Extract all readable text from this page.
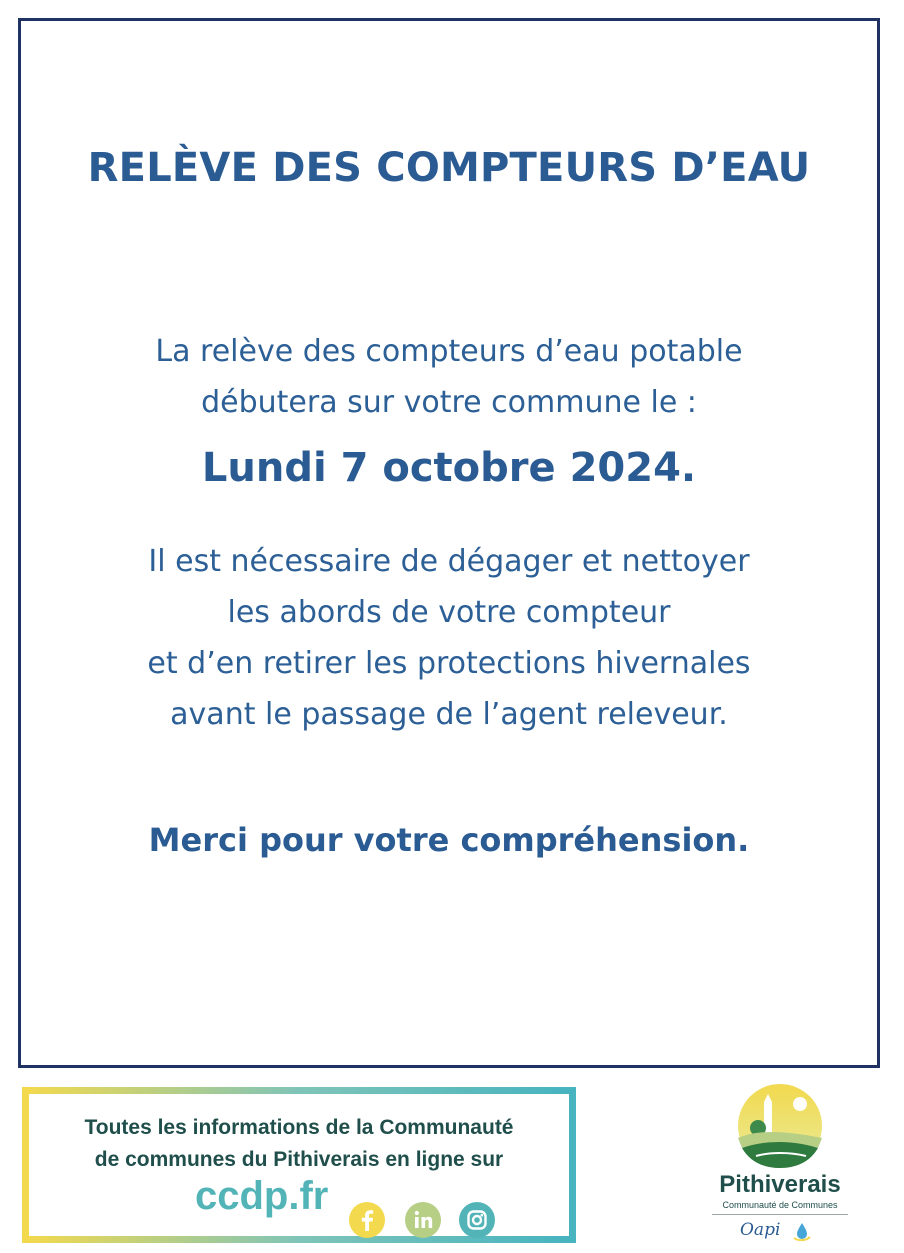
RELÈVE DES COMPTEURS D’EAU
La relève des compteurs d’eau potable
débutera sur votre commune le :
Lundi 7 octobre 2024.
Il est nécessaire de dégager et nettoyer
les abords de votre compteur
et d’en retirer les protections hivernales
avant le passage de l’agent releveur.
Merci pour votre compréhension.
Toutes les informations de la Communauté
de communes du Pithiverais en ligne sur
ccdp.fr	Pithiverais
Communauté de Communes
Oapi
